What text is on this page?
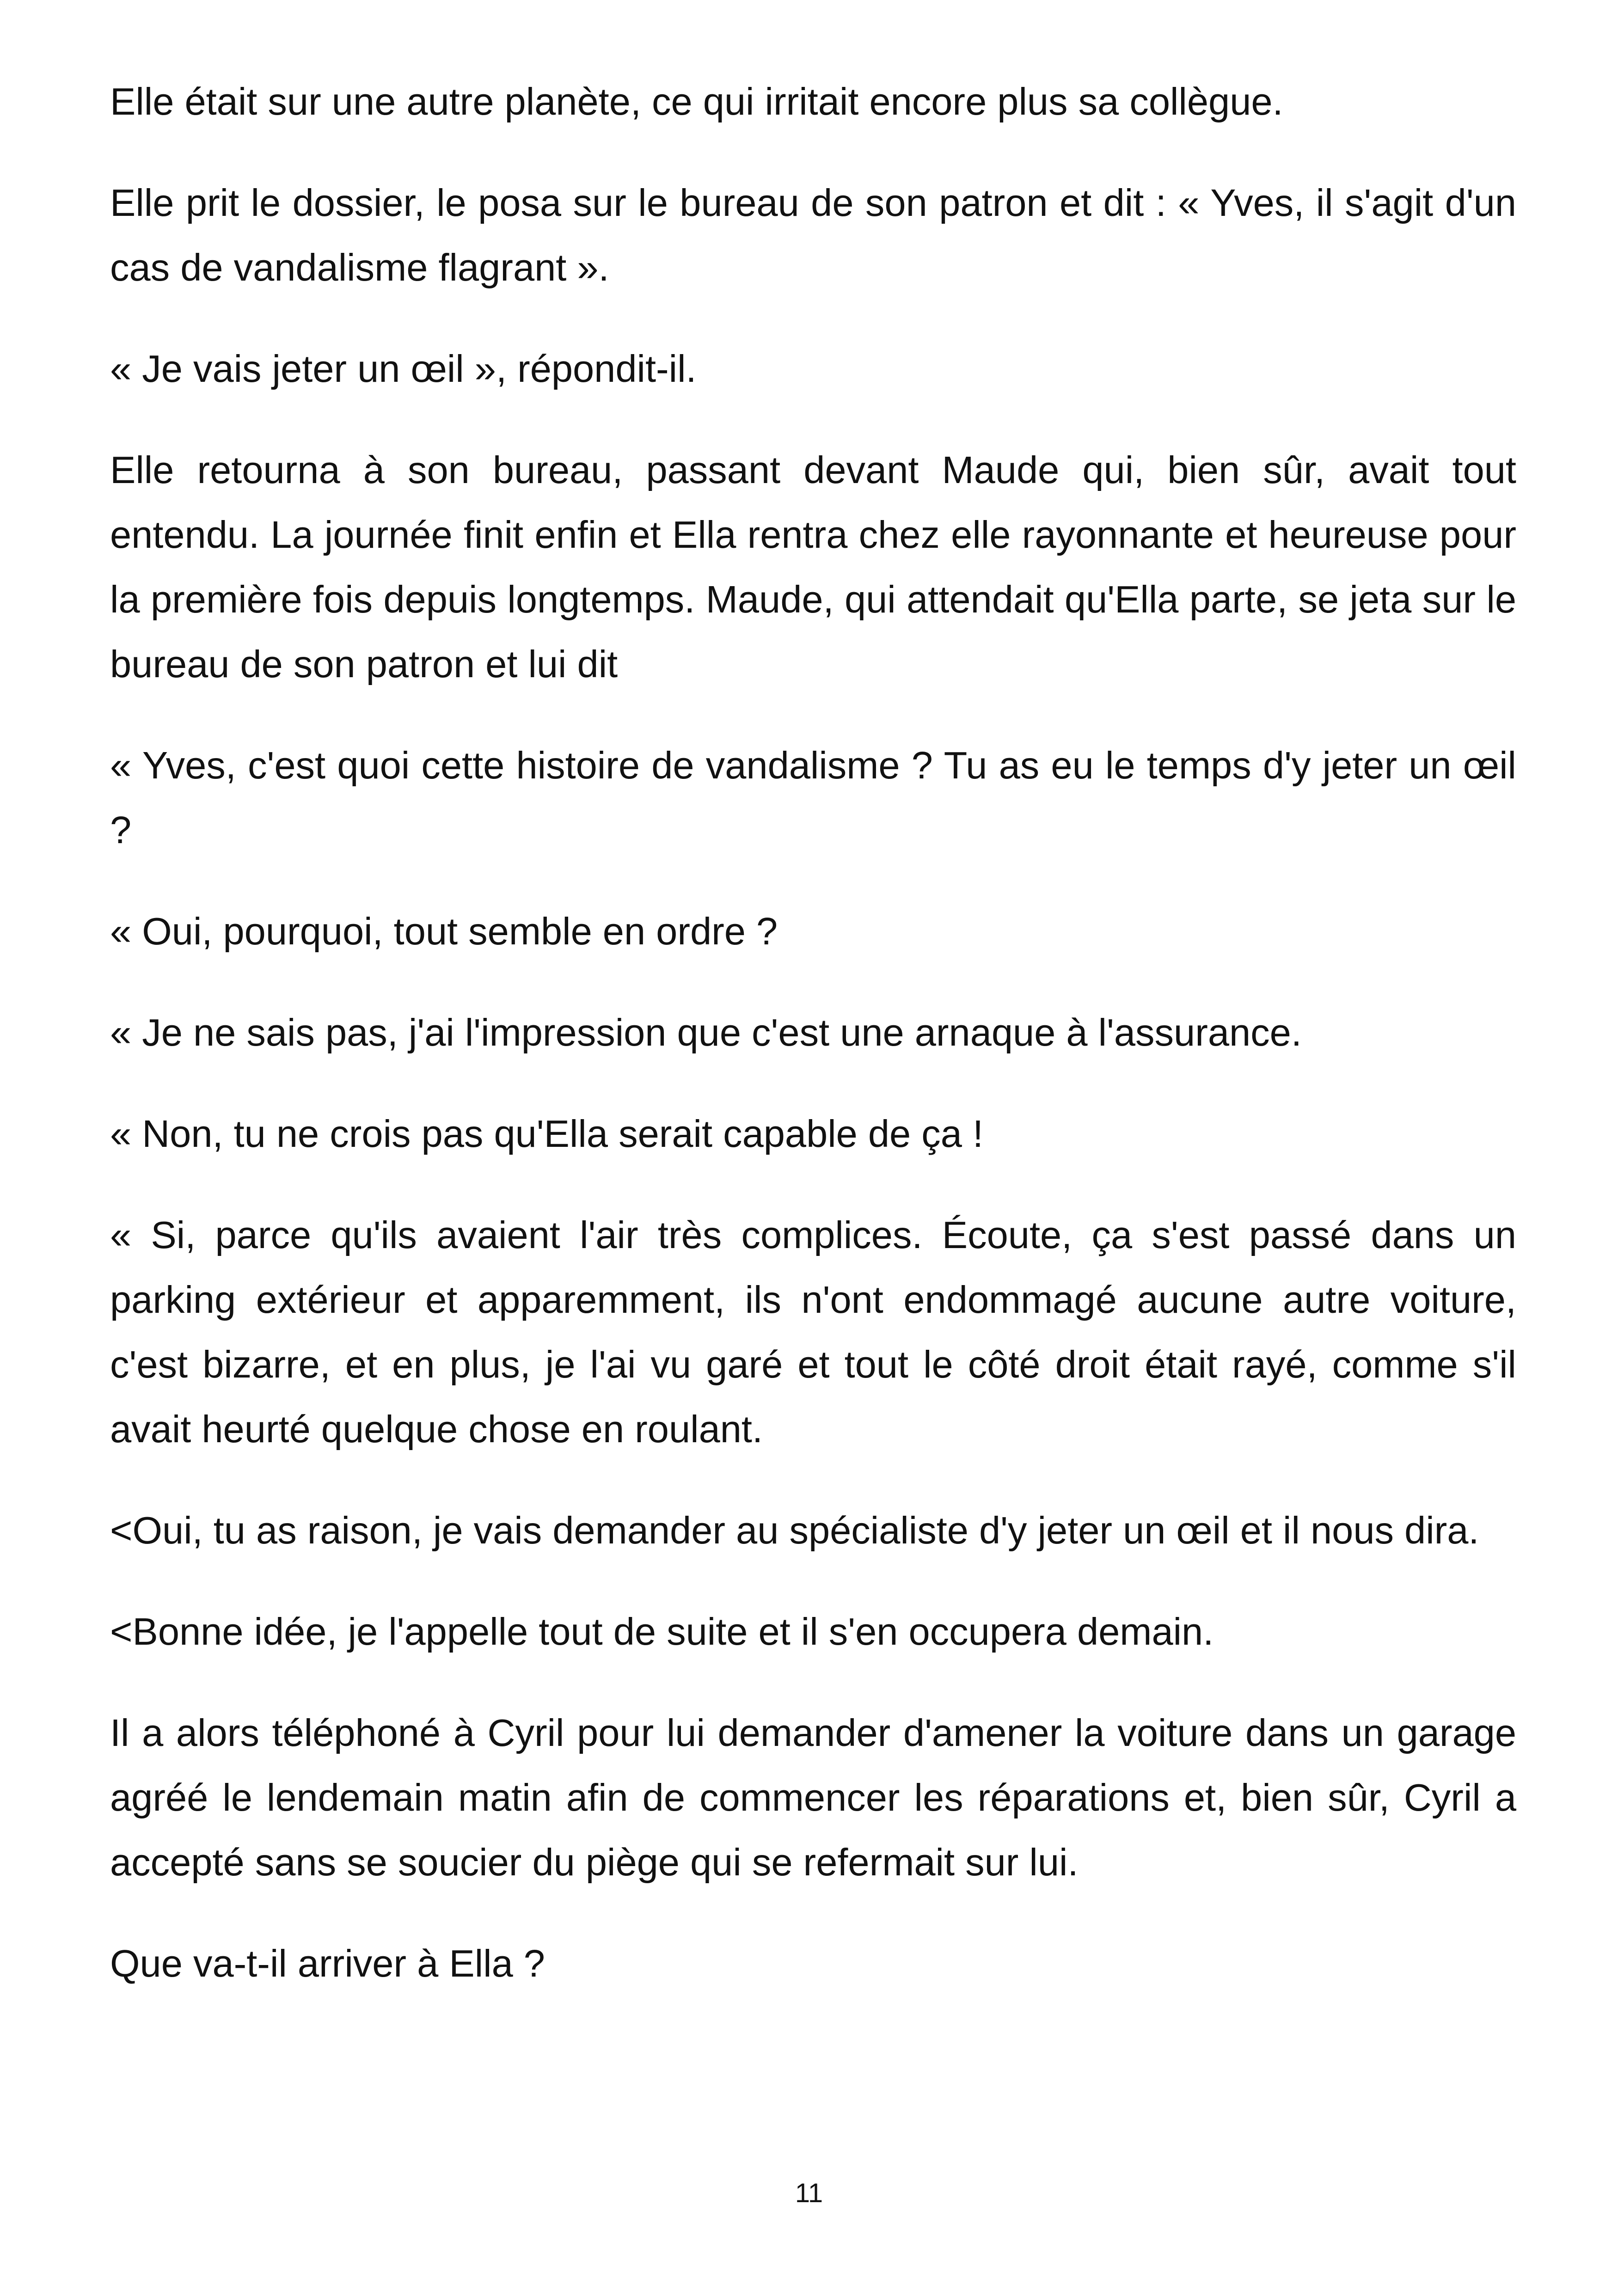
Elle était sur une autre planète, ce qui irritait encore plus sa collègue.

Elle prit le dossier, le posa sur le bureau de son patron et dit : « Yves, il s'agit d'un cas de vandalisme flagrant ».

« Je vais jeter un œil », répondit-il.

Elle retourna à son bureau, passant devant Maude qui, bien sûr, avait tout entendu. La journée finit enfin et Ella rentra chez elle rayonnante et heureuse pour la première fois depuis longtemps. Maude, qui attendait qu'Ella parte, se jeta sur le bureau de son patron et lui dit

« Yves, c'est quoi cette histoire de vandalisme ? Tu as eu le temps d'y jeter un œil ?

« Oui, pourquoi, tout semble en ordre ?

« Je ne sais pas, j'ai l'impression que c'est une arnaque à l'assurance.

« Non, tu ne crois pas qu'Ella serait capable de ça !

« Si, parce qu'ils avaient l'air très complices. Écoute, ça s'est passé dans un parking extérieur et apparemment, ils n'ont endommagé aucune autre voiture, c'est bizarre, et en plus, je l'ai vu garé et tout le côté droit était rayé, comme s'il avait heurté quelque chose en roulant.

<Oui, tu as raison, je vais demander au spécialiste d'y jeter un œil et il nous dira.

<Bonne idée, je l'appelle tout de suite et il s'en occupera demain.

Il a alors téléphoné à Cyril pour lui demander d'amener la voiture dans un garage agréé le lendemain matin afin de commencer les réparations et, bien sûr, Cyril a accepté sans se soucier du piège qui se refermait sur lui.

Que va-t-il arriver à Ella ?

11
